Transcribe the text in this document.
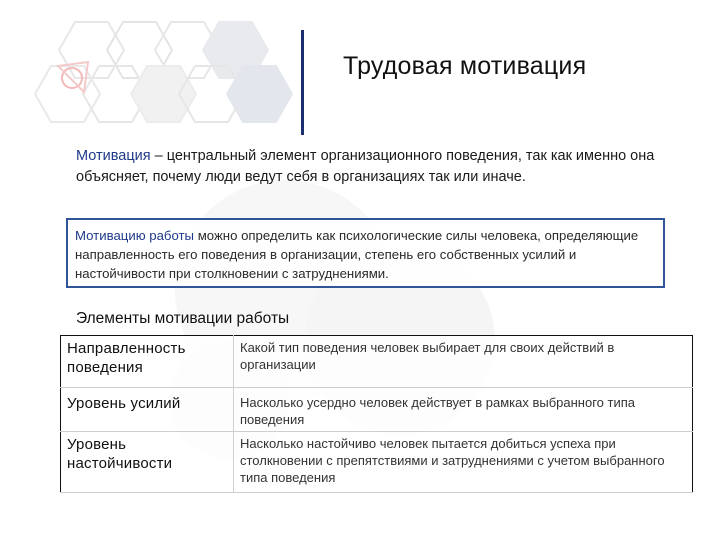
Трудовая мотивация
Мотивация – центральный элемент организационного поведения, так как именно она объясняет, почему люди ведут себя в организациях так или иначе.
Мотивацию работы можно определить как психологические силы человека, определяющие направленность его поведения в организации, степень его собственных усилий и настойчивости при столкновении с затруднениями.
Элементы мотивации работы
Направленность поведения	Какой тип поведения человек выбирает для своих действий в организации
Уровень усилий	Насколько усердно человек действует в рамках выбранного типа поведения
Уровень настойчивости	Насколько настойчиво человек пытается добиться успеха при столкновении с препятствиями и затруднениями с учетом выбранного типа поведения
